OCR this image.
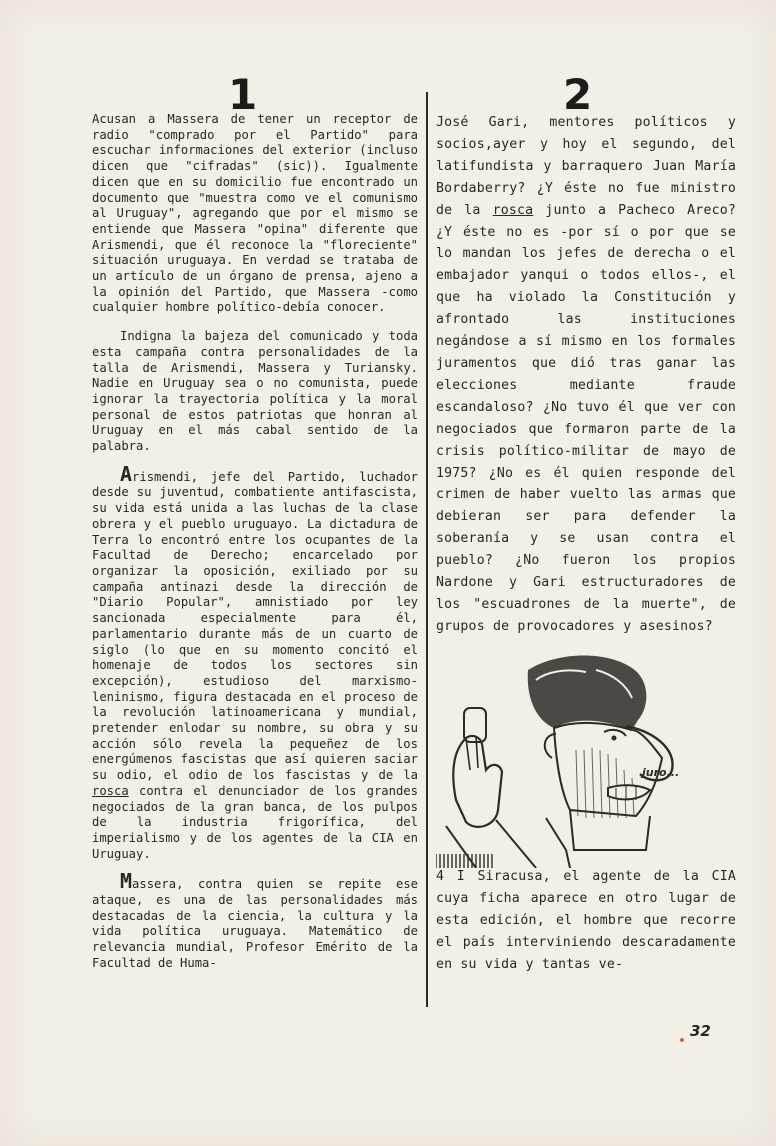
1	2

Acusan a Massera de tener un receptor de radio "comprado por el Partido" para escuchar informaciones del exterior (incluso dicen que "cifradas" (sic)). Igualmente dicen que en su domicilio fue encontrado un documento que "muestra como ve el comunismo al Uruguay", agregando que por el mismo se entiende que Massera "opina" diferente que Arismendi, que él reconoce la "floreciente" situación uruguaya. En verdad se trataba de un artículo de un órgano de prensa, ajeno a la opinión del Partido, que Massera -como cualquier hombre político-debía conocer.

Indigna la bajeza del comunicado y toda esta campaña contra personalidades de la talla de Arismendi, Massera y Turiansky. Nadie en Uruguay sea o no comunista, puede ignorar la trayectoria política y la moral personal de estos patriotas que honran al Uruguay en el más cabal sentido de la palabra.

Arismendi, jefe del Partido, luchador desde su juventud, combatiente antifascista, su vida está unida a las luchas de la clase obrera y el pueblo uruguayo. La dictadura de Terra lo encontró entre los ocupantes de la Facultad de Derecho; encarcelado por organizar la oposición, exiliado por su campaña antinazi desde la dirección de "Diario Popular", amnistiado por ley sancionada especialmente para él, parlamentario durante más de un cuarto de siglo (lo que en su momento concitó el homenaje de todos los sectores sin excepción), estudioso del marxismo-leninismo, figura destacada en el proceso de la revolución latinoamericana y mundial, pretender enlodar su nombre, su obra y su acción sólo revela la pequeñez de los energúmenos fascistas que así quieren saciar su odio, el odio de los fascistas y de la rosca contra el denunciador de los grandes negociados de la gran banca, de los pulpos de la industria frigorífica, del imperialismo y de los agentes de la CIA en Uruguay.

Massera, contra quien se repite ese ataque, es una de las personalidades más destacadas de la ciencia, la cultura y la vida política uruguaya. Matemático de relevancia mundial, Profesor Emérito de la Facultad de Huma-

José Gari, mentores políticos y socios,ayer y hoy el segundo, del latifundista y barraquero Juan María Bordaberry? ¿Y éste no fue ministro de la rosca junto a Pacheco Areco? ¿Y éste no es -por sí o por que se lo mandan los jefes de derecha o el embajador yanqui o todos ellos-, el que ha violado la Constitución y afrontado las instituciones negándose a sí mismo en los formales juramentos que dió tras ganar las elecciones mediante fraude escandaloso? ¿No tuvo él que ver con negociados que formaron parte de la crisis político-militar de mayo de 1975? ¿No es él quien responde del crimen de haber vuelto las armas que debieran ser para defender la soberanía y se usan contra el pueblo? ¿No fueron los propios Nardone y Gari estructuradores de los "escuadrones de la muerte", de grupos de provocadores y asesinos?

juro...

4 I Siracusa, el agente de la CIA cuya ficha aparece en otro lugar de esta edición, el hombre que recorre el país interviniendo descaradamente en su vida y tantas ve-

32
